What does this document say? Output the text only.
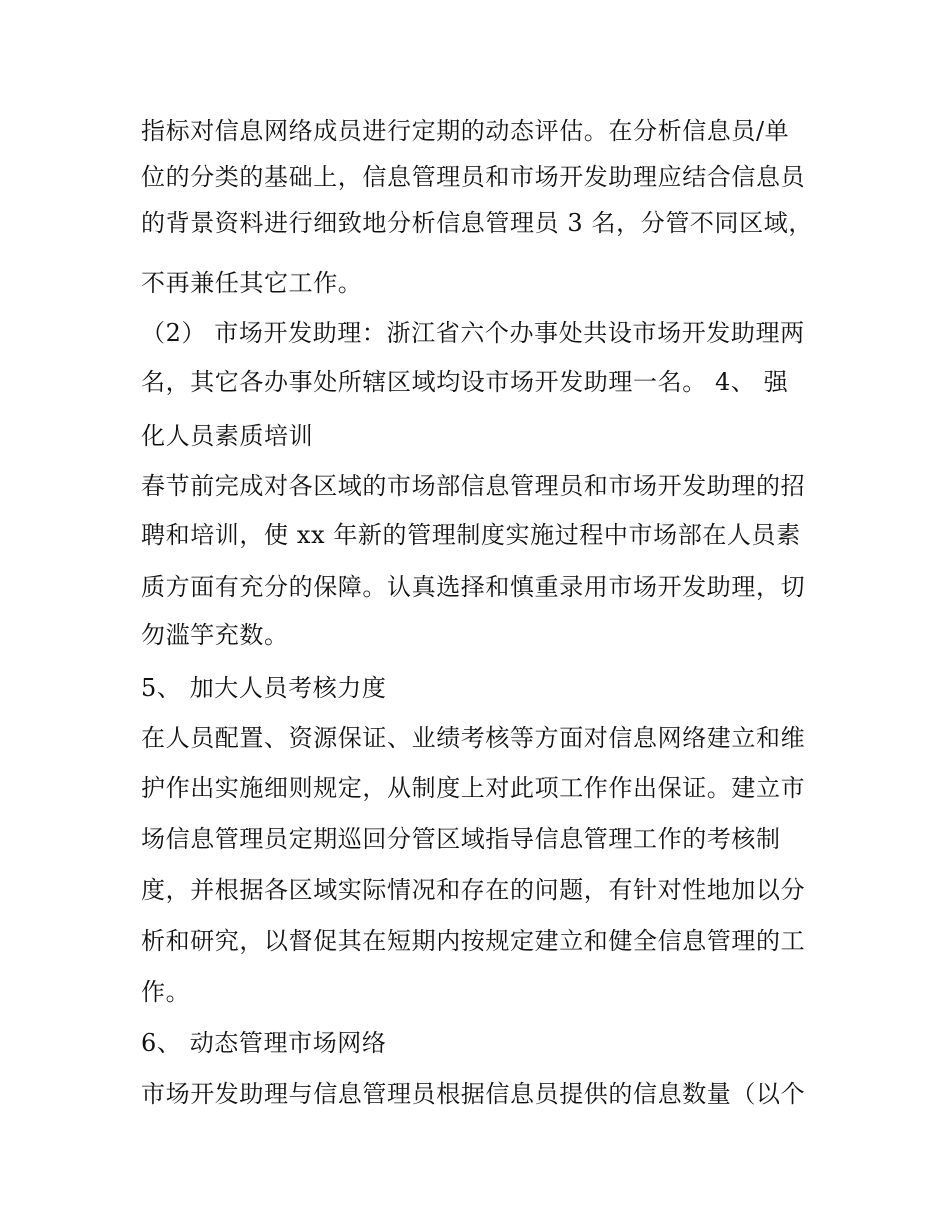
指标对信息网络成员进行定期的动态评估。在分析信息员/单
位的分类的基础上，信息管理员和市场开发助理应结合信息员
的背景资料进行细致地分析信息管理员 3 名，分管不同区域，
不再兼任其它工作。
（2） 市场开发助理：浙江省六个办事处共设市场开发助理两
名，其它各办事处所辖区域均设市场开发助理一名。 4、 强
化人员素质培训
春节前完成对各区域的市场部信息管理员和市场开发助理的招
聘和培训，使 xx 年新的管理制度实施过程中市场部在人员素
质方面有充分的保障。认真选择和慎重录用市场开发助理，切
勿滥竽充数。
5、 加大人员考核力度
在人员配置、资源保证、业绩考核等方面对信息网络建立和维
护作出实施细则规定，从制度上对此项工作作出保证。建立市
场信息管理员定期巡回分管区域指导信息管理工作的考核制
度，并根据各区域实际情况和存在的问题，有针对性地加以分
析和研究，以督促其在短期内按规定建立和健全信息管理的工
作。
6、 动态管理市场网络
市场开发助理与信息管理员根据信息员提供的信息数量（以个
